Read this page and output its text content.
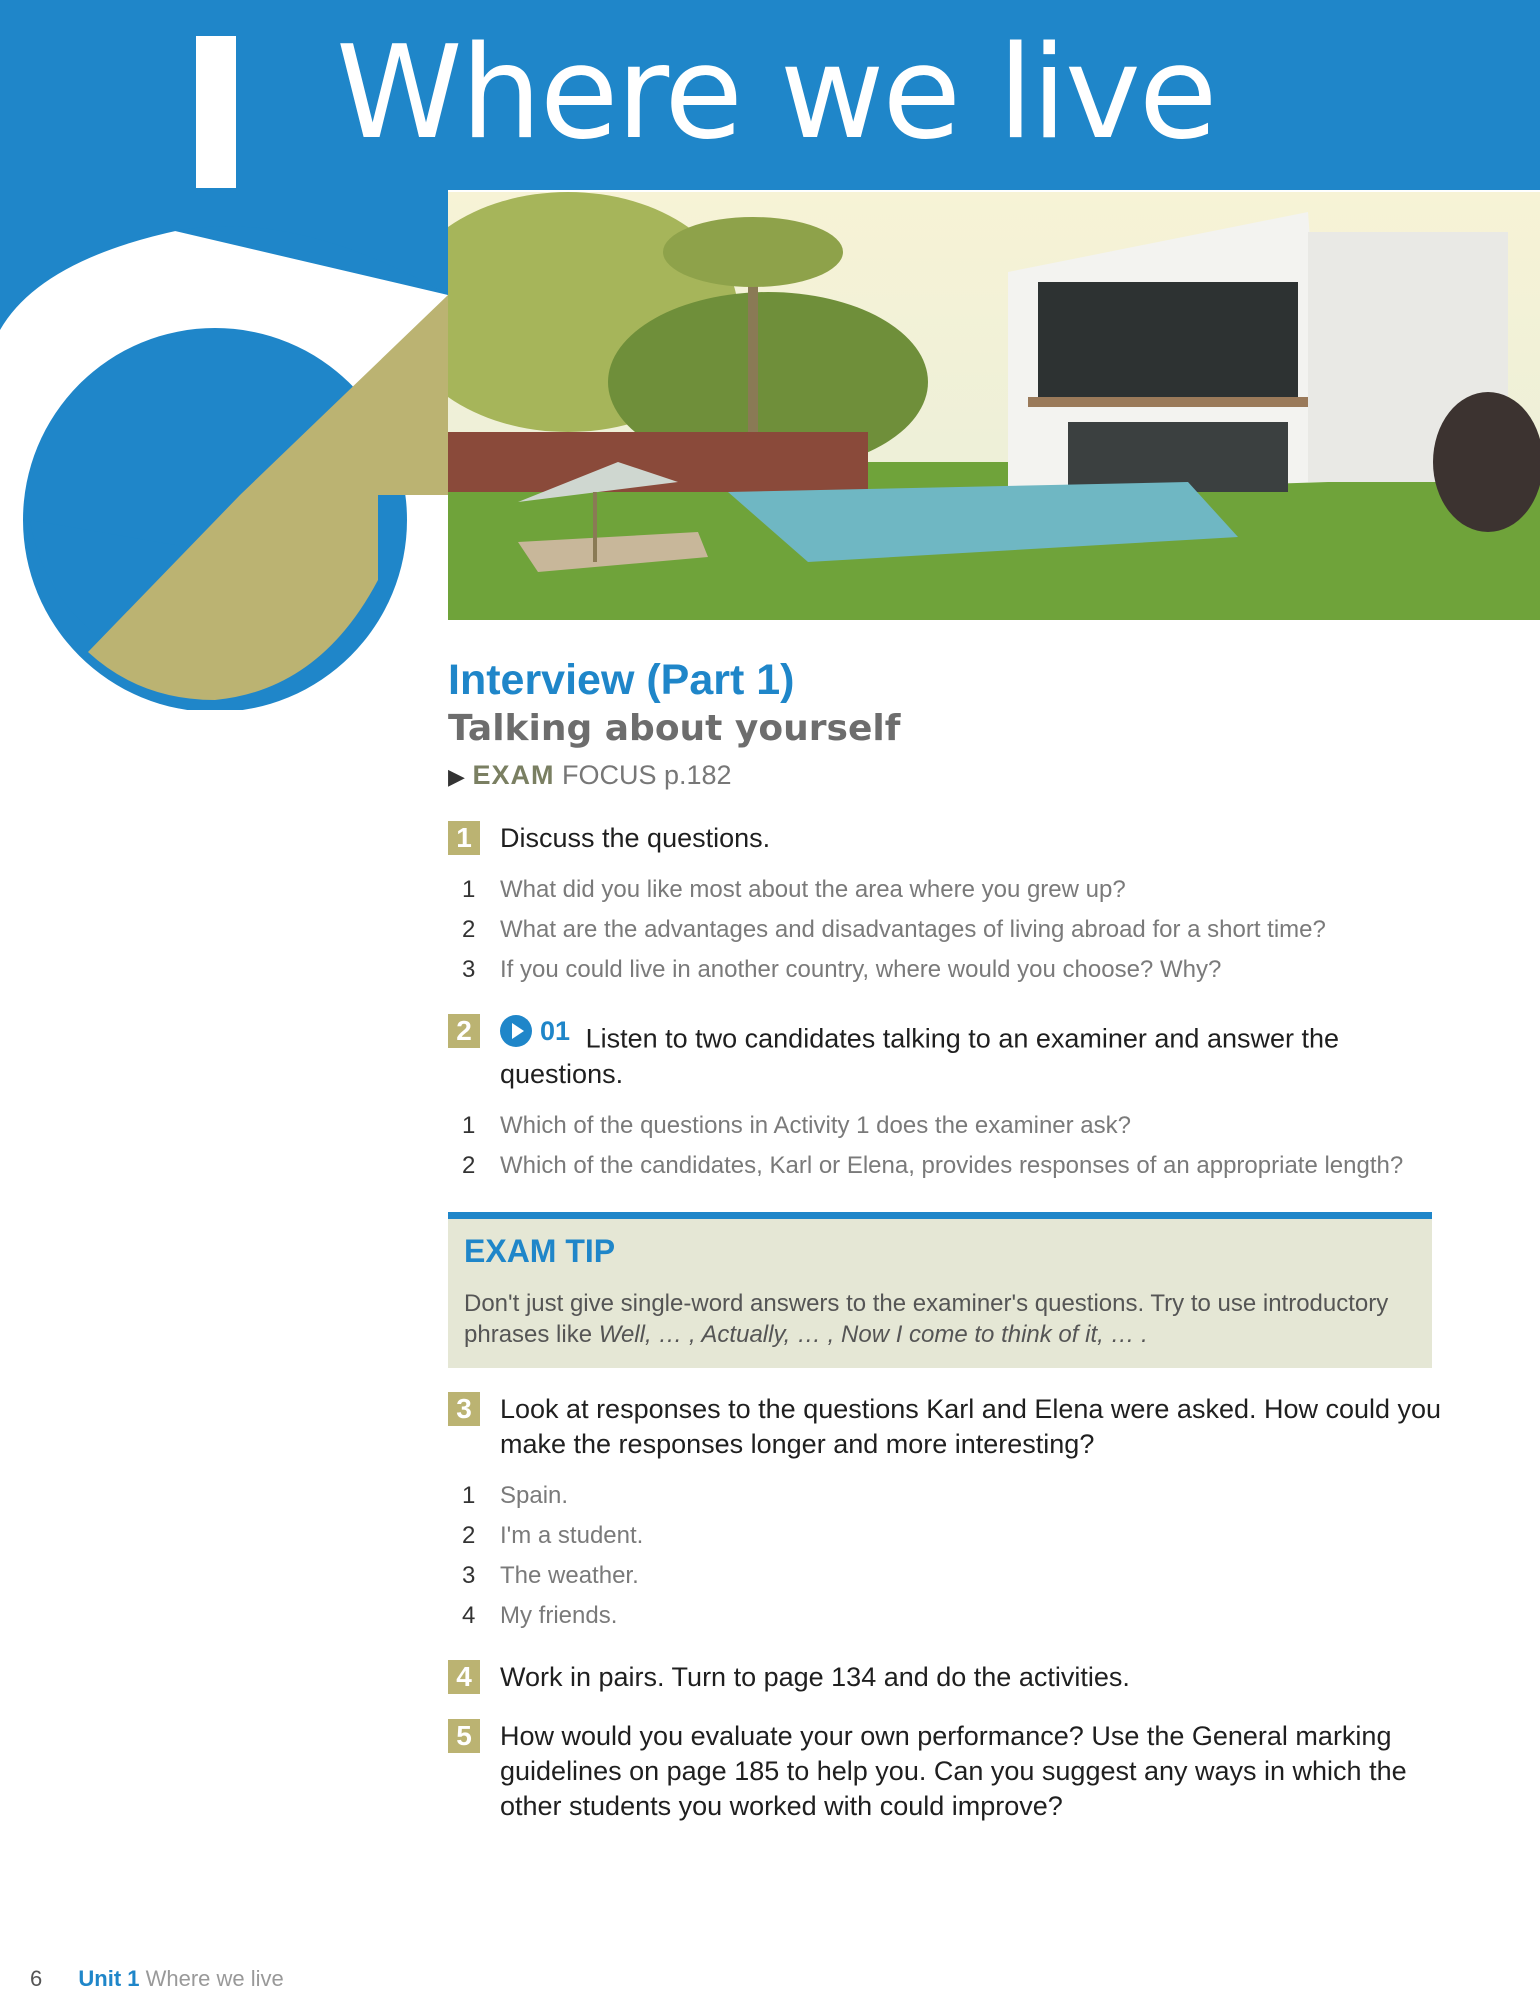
Where we live
Interview (Part 1)
Talking about yourself
▶ EXAM FOCUS p.182
1	Discuss the questions.
1	What did you like most about the area where you grew up?
2	What are the advantages and disadvantages of living abroad for a short time?
3	If you could live in another country, where would you choose? Why?
2	01 Listen to two candidates talking to an examiner and answer the questions.
1	Which of the questions in Activity 1 does the examiner ask?
2	Which of the candidates, Karl or Elena, provides responses of an appropriate length?
EXAM TIP
Don't just give single-word answers to the examiner's questions. Try to use introductory phrases like Well, … , Actually, … , Now I come to think of it, … .
3	Look at responses to the questions Karl and Elena were asked. How could you make the responses longer and more interesting?
1	Spain.
2	I'm a student.
3	The weather.
4	My friends.
4	Work in pairs. Turn to page 134 and do the activities.
5	How would you evaluate your own performance? Use the General marking guidelines on page 185 to help you. Can you suggest any ways in which the other students you worked with could improve?
6 Unit 1 Where we live
